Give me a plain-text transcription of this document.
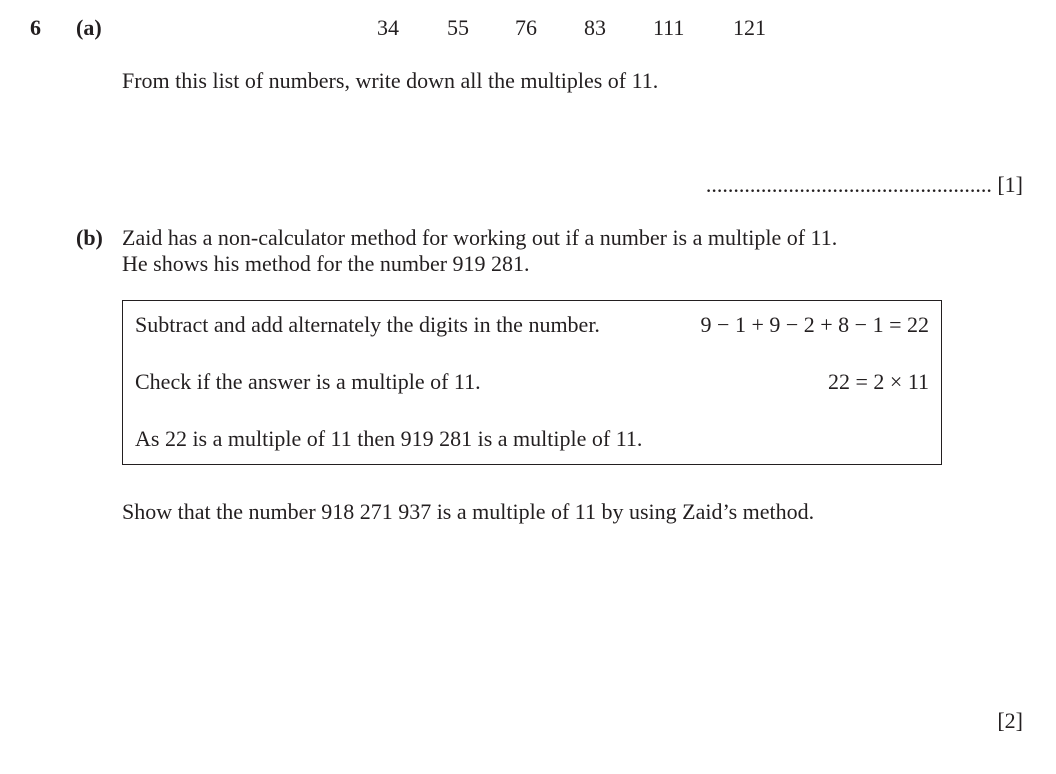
6 (a)	34 55 76 83 111 121
From this list of numbers, write down all the multiples of 11.
.................................................... [1]
(b) Zaid has a non-calculator method for working out if a number is a multiple of 11.
He shows his method for the number 919 281.
Subtract and add alternately the digits in the number.	9 − 1 + 9 − 2 + 8 − 1 = 22
Check if the answer is a multiple of 11.	22 = 2 × 11
As 22 is a multiple of 11 then 919 281 is a multiple of 11.
Show that the number 918 271 937 is a multiple of 11 by using Zaid’s method.
[2]
